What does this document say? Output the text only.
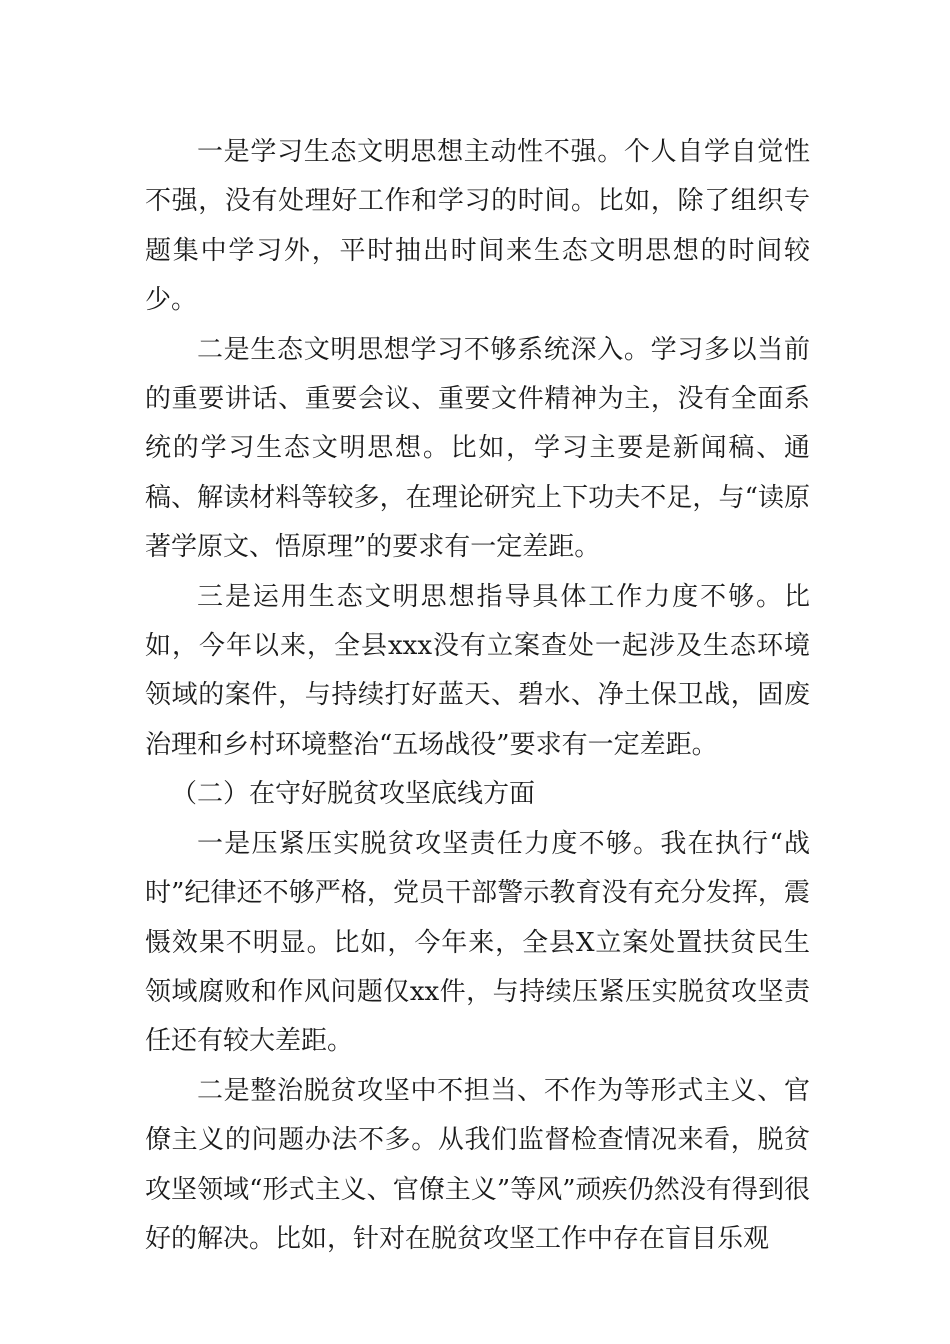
一是学习生态文明思想主动性不强。个人自学自觉性不强，没有处理好工作和学习的时间。比如，除了组织专题集中学习外，平时抽出时间来生态文明思想的时间较少。

二是生态文明思想学习不够系统深入。学习多以当前的重要讲话、重要会议、重要文件精神为主，没有全面系统的学习生态文明思想。比如，学习主要是新闻稿、通稿、解读材料等较多，在理论研究上下功夫不足，与“读原著学原文、悟原理”的要求有一定差距。

三是运用生态文明思想指导具体工作力度不够。比如，今年以来，全县xxx没有立案查处一起涉及生态环境领域的案件，与持续打好蓝天、碧水、净土保卫战，固废治理和乡村环境整治“五场战役”要求有一定差距。

（二）在守好脱贫攻坚底线方面

一是压紧压实脱贫攻坚责任力度不够。我在执行“战时”纪律还不够严格，党员干部警示教育没有充分发挥，震慑效果不明显。比如，今年来，全县X立案处置扶贫民生领域腐败和作风问题仅xx件，与持续压紧压实脱贫攻坚责任还有较大差距。

二是整治脱贫攻坚中不担当、不作为等形式主义、官僚主义的问题办法不多。从我们监督检查情况来看，脱贫攻坚领域“形式主义、官僚主义”等风”顽疾仍然没有得到很好的解决。比如，针对在脱贫攻坚工作中存在盲目乐观
